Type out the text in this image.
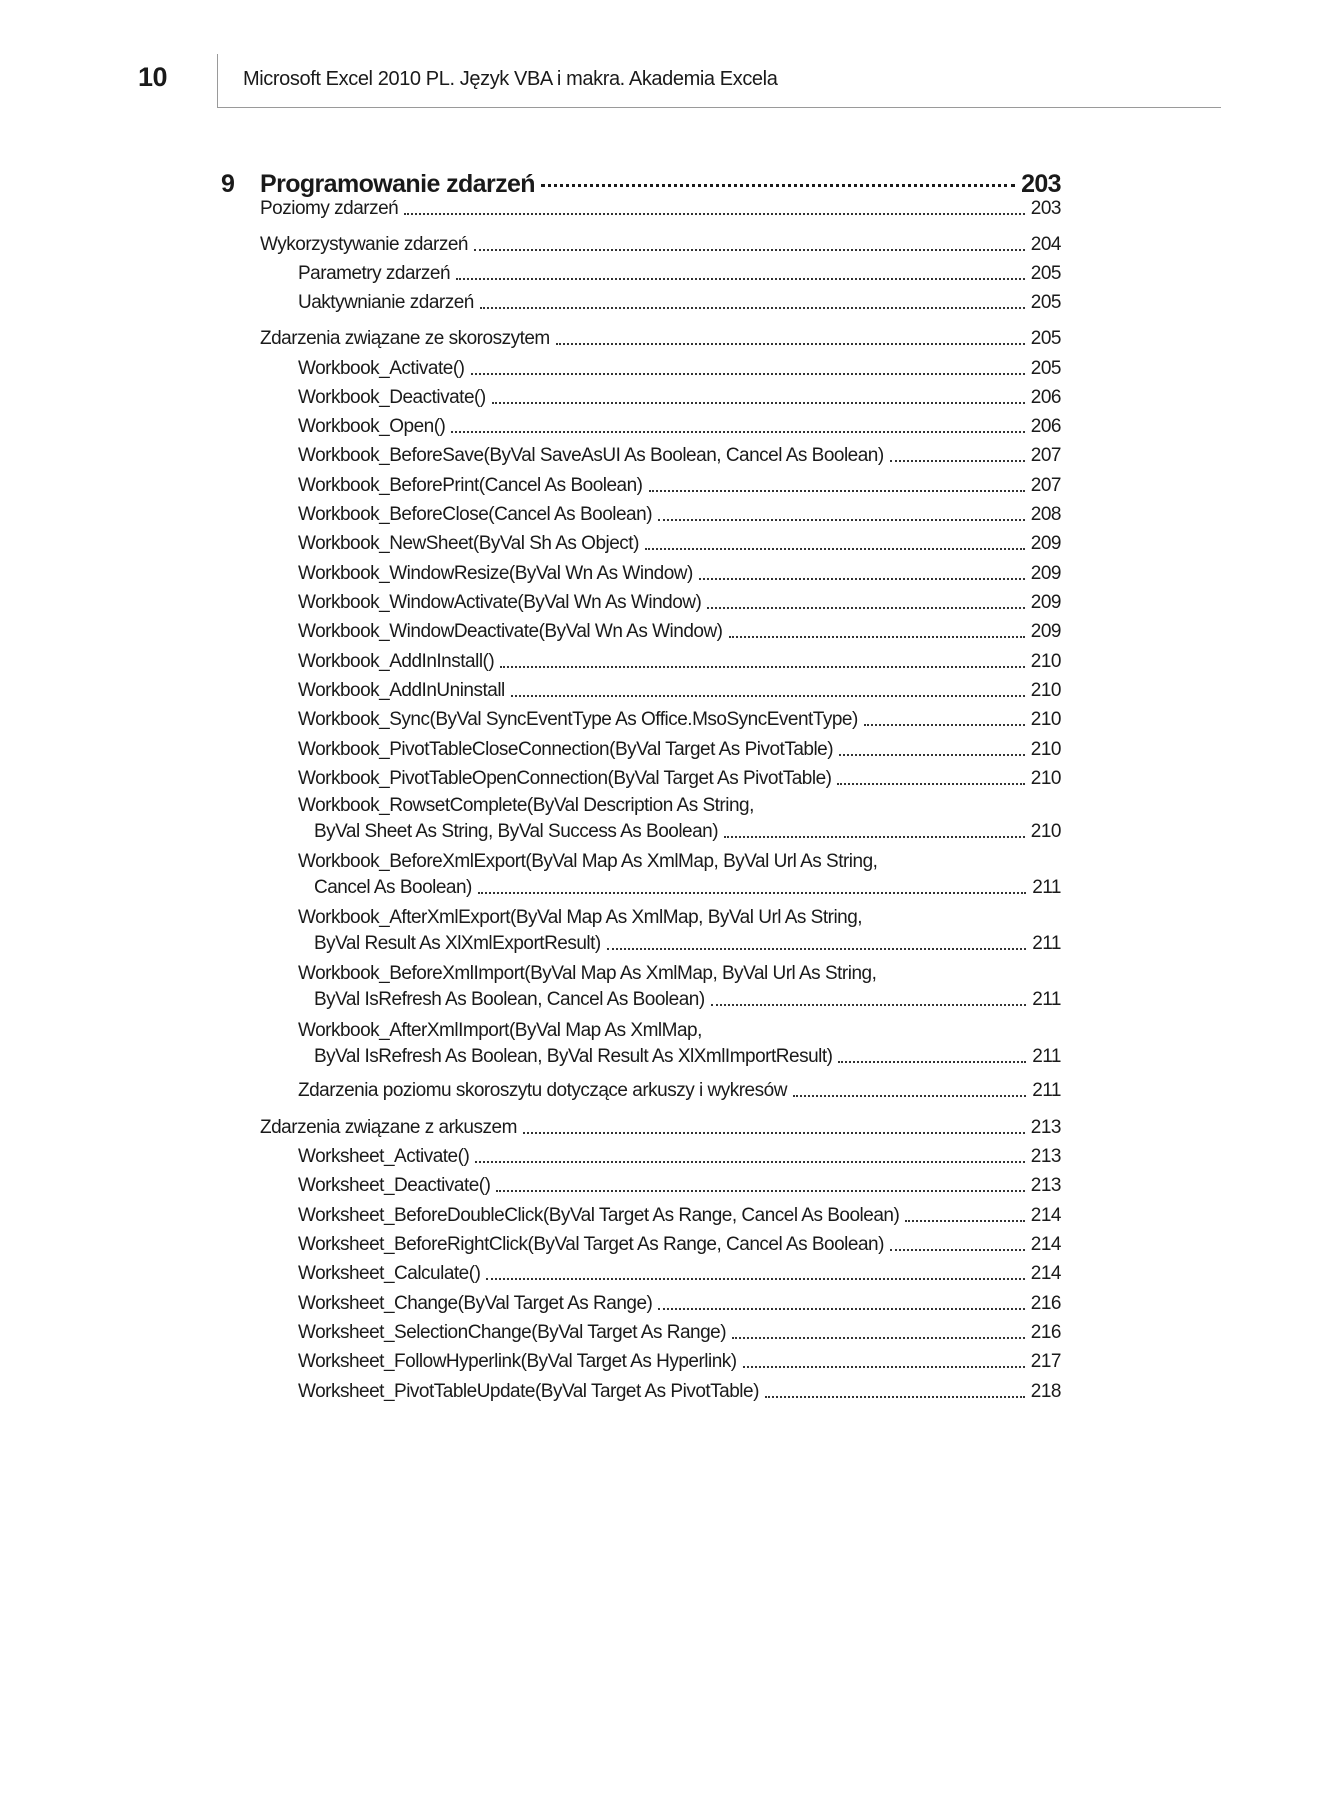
10	Microsoft Excel 2010 PL. Język VBA i makra. Akademia Excela
9	Programowanie zdarzeń	203
Poziomy zdarzeń	203
Wykorzystywanie zdarzeń	204
Parametry zdarzeń	205
Uaktywnianie zdarzeń	205
Zdarzenia związane ze skoroszytem	205
Workbook_Activate()	205
Workbook_Deactivate()	206
Workbook_Open()	206
Workbook_BeforeSave(ByVal SaveAsUI As Boolean, Cancel As Boolean)	207
Workbook_BeforePrint(Cancel As Boolean)	207
Workbook_BeforeClose(Cancel As Boolean)	208
Workbook_NewSheet(ByVal Sh As Object)	209
Workbook_WindowResize(ByVal Wn As Window)	209
Workbook_WindowActivate(ByVal Wn As Window)	209
Workbook_WindowDeactivate(ByVal Wn As Window)	209
Workbook_AddInInstall()	210
Workbook_AddInUninstall	210
Workbook_Sync(ByVal SyncEventType As Office.MsoSyncEventType)	210
Workbook_PivotTableCloseConnection(ByVal Target As PivotTable)	210
Workbook_PivotTableOpenConnection(ByVal Target As PivotTable)	210
Workbook_RowsetComplete(ByVal Description As String,
ByVal Sheet As String, ByVal Success As Boolean)	210
Workbook_BeforeXmlExport(ByVal Map As XmlMap, ByVal Url As String,
Cancel As Boolean)	211
Workbook_AfterXmlExport(ByVal Map As XmlMap, ByVal Url As String,
ByVal Result As XlXmlExportResult)	211
Workbook_BeforeXmlImport(ByVal Map As XmlMap, ByVal Url As String,
ByVal IsRefresh As Boolean, Cancel As Boolean)	211
Workbook_AfterXmlImport(ByVal Map As XmlMap,
ByVal IsRefresh As Boolean, ByVal Result As XlXmlImportResult)	211
Zdarzenia poziomu skoroszytu dotyczące arkuszy i wykresów	211
Zdarzenia związane z arkuszem	213
Worksheet_Activate()	213
Worksheet_Deactivate()	213
Worksheet_BeforeDoubleClick(ByVal Target As Range, Cancel As Boolean)	214
Worksheet_BeforeRightClick(ByVal Target As Range, Cancel As Boolean)	214
Worksheet_Calculate()	214
Worksheet_Change(ByVal Target As Range)	216
Worksheet_SelectionChange(ByVal Target As Range)	216
Worksheet_FollowHyperlink(ByVal Target As Hyperlink)	217
Worksheet_PivotTableUpdate(ByVal Target As PivotTable)	218
